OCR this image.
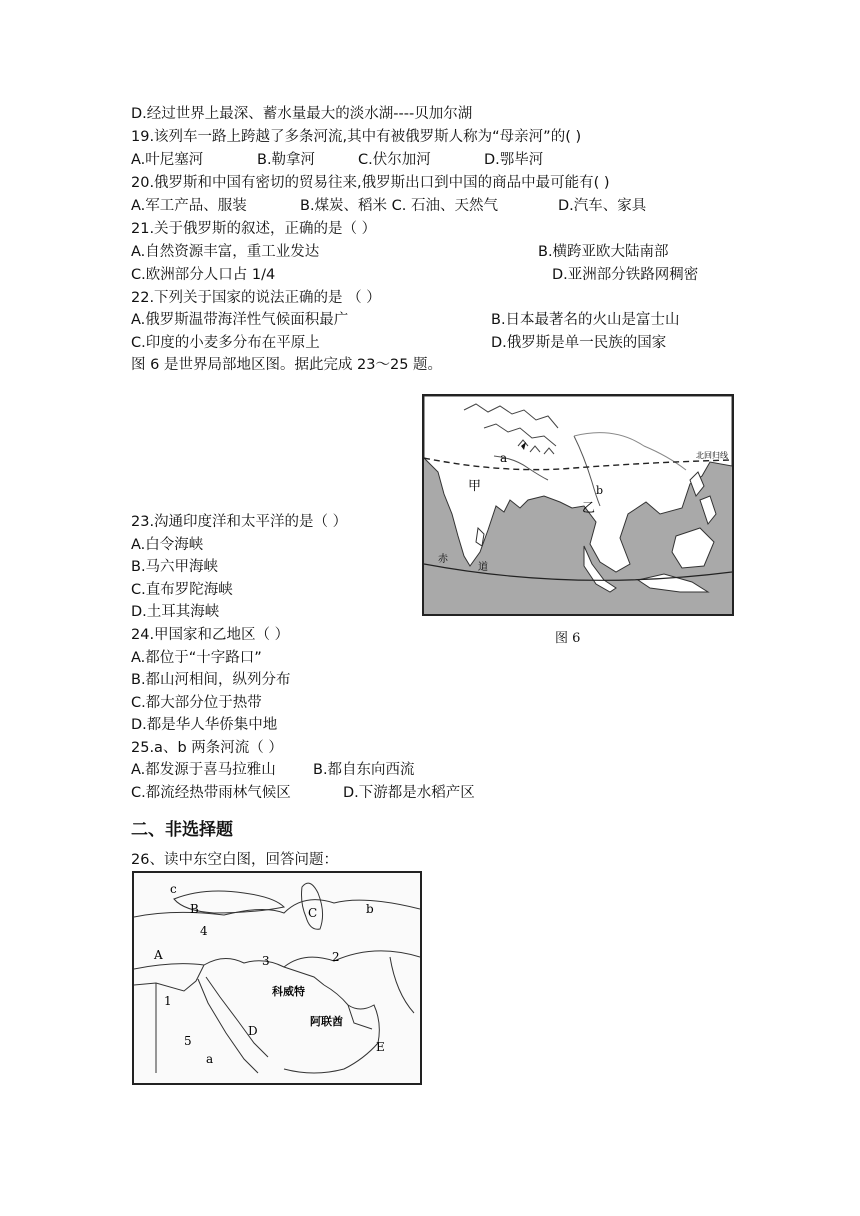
D.经过世界上最深、蓄水量最大的淡水湖----贝加尔湖
19.该列车一路上跨越了多条河流,其中有被俄罗斯人称为“母亲河”的( )
A.叶尼塞河	B.勒拿河	C.伏尔加河	D.鄂毕河
20.俄罗斯和中国有密切的贸易往来,俄罗斯出口到中国的商品中最可能有( )
A.军工产品、服装	B.煤炭、稻米 C. 石油、天然气	D.汽车、家具
21.关于俄罗斯的叙述，正确的是（ ）
A.自然资源丰富，重工业发达	B.横跨亚欧大陆南部
C.欧洲部分人口占 1/4	D.亚洲部分铁路网稠密
22.下列关于国家的说法正确的是 （ ）
A.俄罗斯温带海洋性气候面积最广	B.日本最著名的火山是富士山
C.印度的小麦多分布在平原上	D.俄罗斯是单一民族的国家
图 6 是世界局部地区图。据此完成 23～25 题。
a
b
甲
乙
北回归线
赤
道
图 6
23.沟通印度洋和太平洋的是（ ）
A.白令海峡
B.马六甲海峡
C.直布罗陀海峡
D.土耳其海峡
24.甲国家和乙地区（ ）
A.都位于“十字路口”
B.都山河相间，纵列分布
C.都大部分位于热带
D.都是华人华侨集中地
25.a、b 两条河流（ ）
A.都发源于喜马拉雅山	B.都自东向西流
C.都流经热带雨林气候区	D.下游都是水稻产区
二、非选择题
26、读中东空白图，回答问题：
c
B	C	b
4
A	3	2
1
科威特
阿联酋
D
5	E
a
